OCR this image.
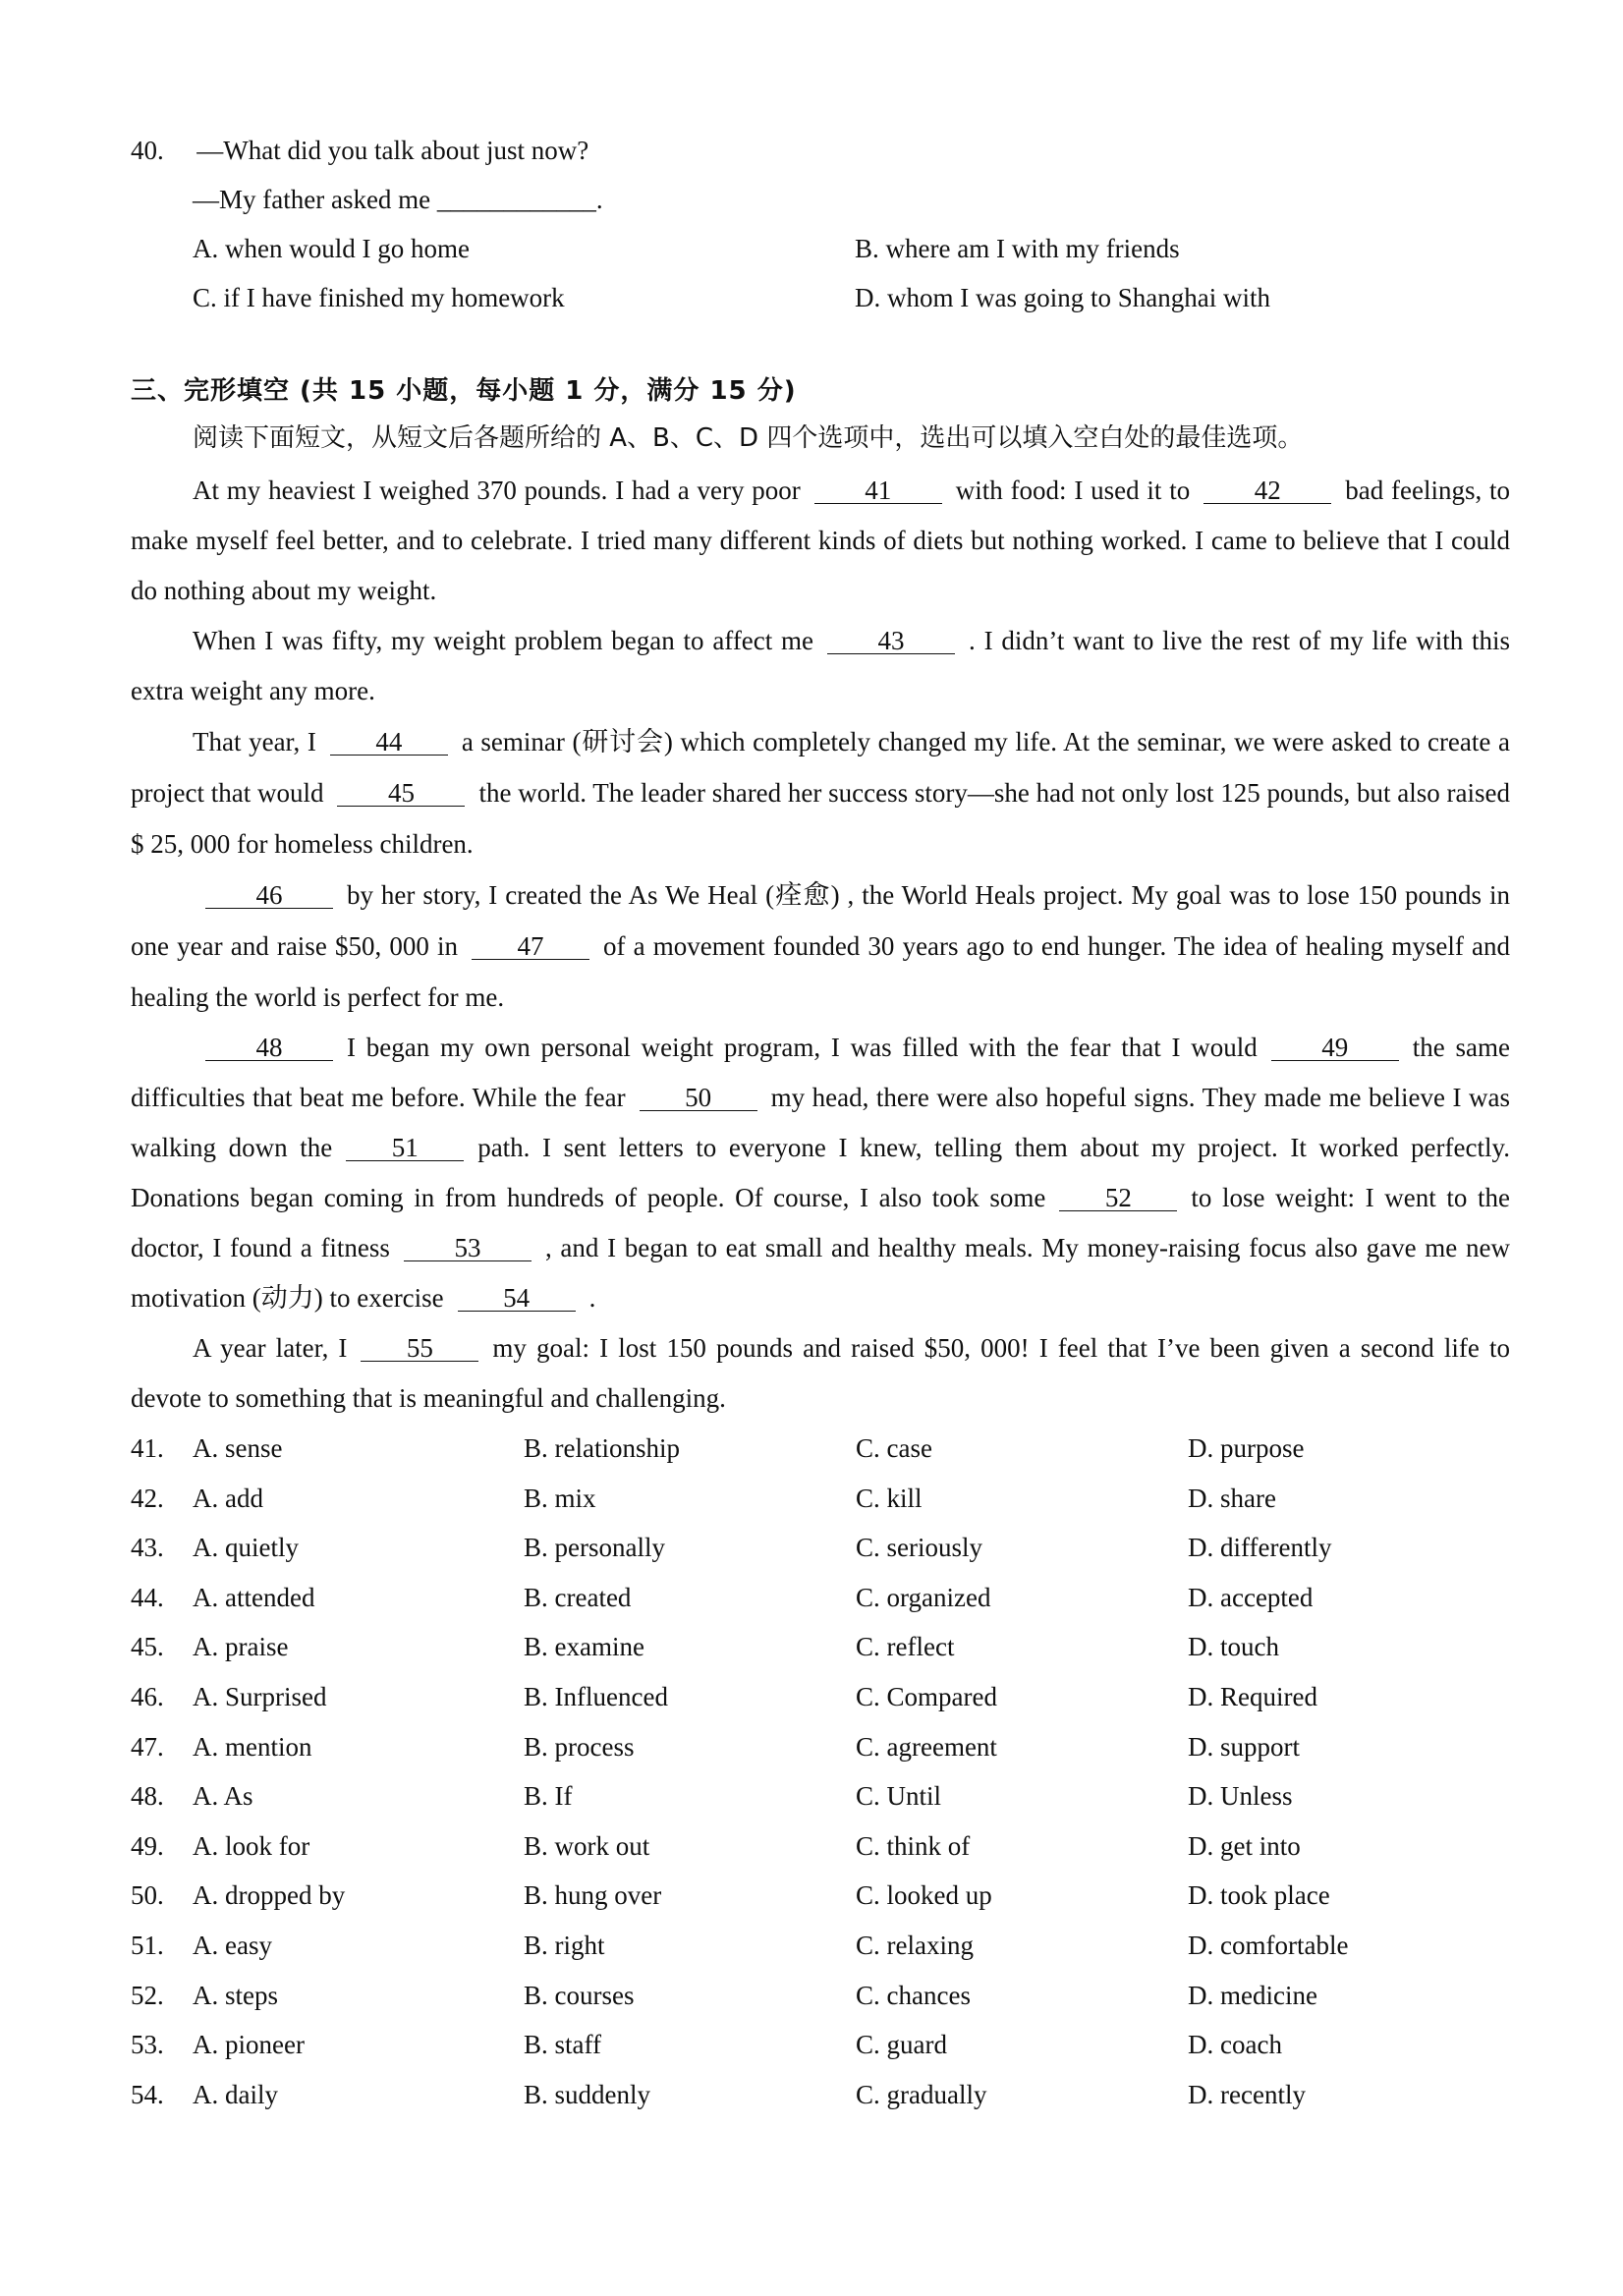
40. —What did you talk about just now?
—My father asked me ____________.
A. when would I go home	B. where am I with my friends
C. if I have finished my homework	D. whom I was going to Shanghai with
三、完形填空 (共 15 小题，每小题 1 分，满分 15 分)
阅读下面短文，从短文后各题所给的 A、B、C、D 四个选项中，选出可以填入空白处的最佳选项。

At my heaviest I weighed 370 pounds. I had a very poor 41 with food: I used it to 42 bad feelings, to make myself feel better, and to celebrate. I tried many different kinds of diets but nothing worked. I came to believe that I could do nothing about my weight.

When I was fifty, my weight problem began to affect me 43 . I didn’t want to live the rest of my life with this extra weight any more.

That year, I 44 a seminar (研讨会) which completely changed my life. At the seminar, we were asked to create a project that would 45 the world. The leader shared her success story—she had not only lost 125 pounds, but also raised $ 25, 000 for homeless children.

46 by her story, I created the As We Heal (痊愈) , the World Heals project. My goal was to lose 150 pounds in one year and raise $50, 000 in 47 of a movement founded 30 years ago to end hunger. The idea of healing myself and healing the world is perfect for me.

48 I began my own personal weight program, I was filled with the fear that I would 49 the same difficulties that beat me before. While the fear 50 my head, there were also hopeful signs. They made me believe I was walking down the 51 path. I sent letters to everyone I knew, telling them about my project. It worked perfectly. Donations began coming in from hundreds of people. Of course, I also took some 52 to lose weight: I went to the doctor, I found a fitness 53 , and I began to eat small and healthy meals. My money-raising focus also gave me new motivation (动力) to exercise 54 .

A year later, I 55 my goal: I lost 150 pounds and raised $50, 000! I feel that I’ve been given a second life to devote to something that is meaningful and challenging.

41.	A. sense	B. relationship	C. case	D. purpose
42.	A. add	B. mix	C. kill	D. share
43.	A. quietly	B. personally	C. seriously	D. differently
44.	A. attended	B. created	C. organized	D. accepted
45.	A. praise	B. examine	C. reflect	D. touch
46.	A. Surprised	B. Influenced	C. Compared	D. Required
47.	A. mention	B. process	C. agreement	D. support
48.	A. As	B. If	C. Until	D. Unless
49.	A. look for	B. work out	C. think of	D. get into
50.	A. dropped by	B. hung over	C. looked up	D. took place
51.	A. easy	B. right	C. relaxing	D. comfortable
52.	A. steps	B. courses	C. chances	D. medicine
53.	A. pioneer	B. staff	C. guard	D. coach
54.	A. daily	B. suddenly	C. gradually	D. recently
